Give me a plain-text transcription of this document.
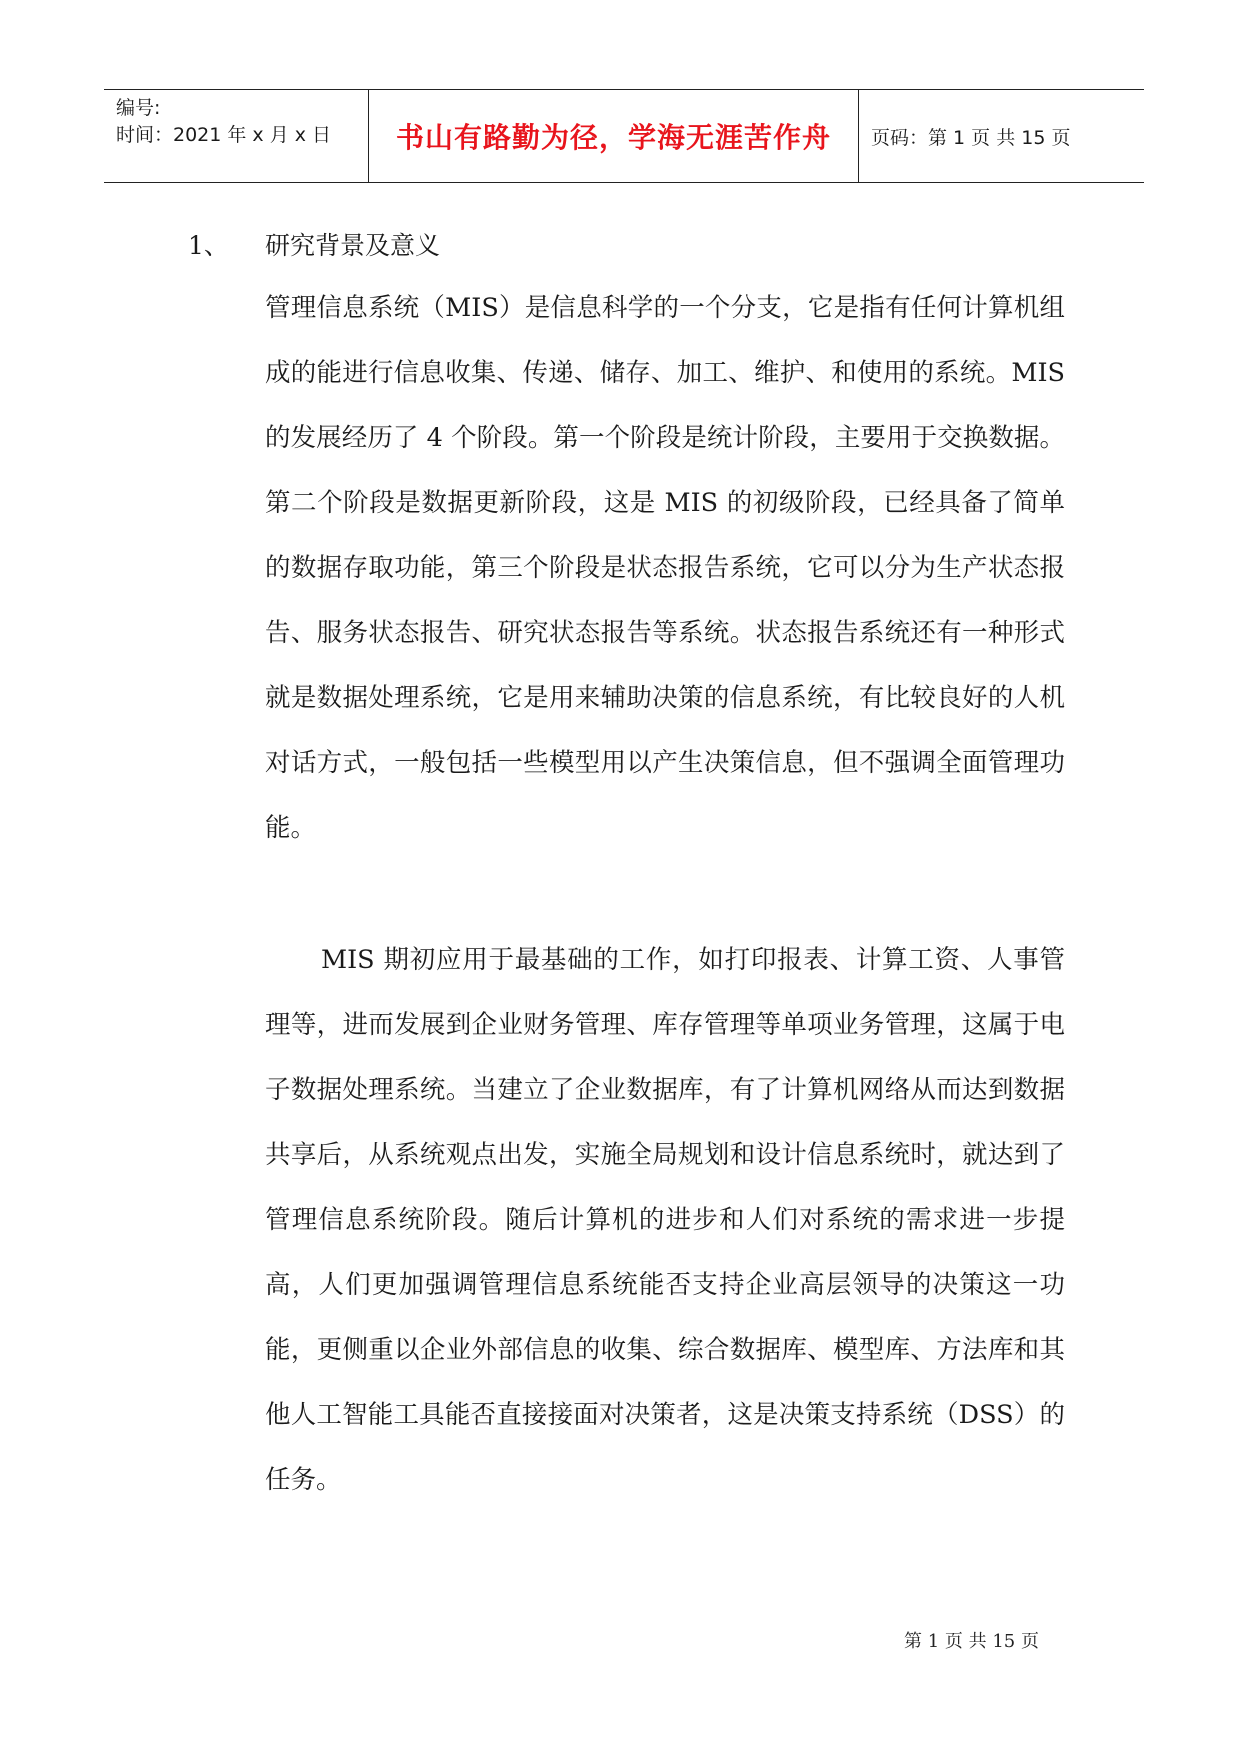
编号:
时间：2021 年 x 月 x 日 书山有路勤为径，学海无涯苦作舟 页码：第 1 页 共 15 页
1、	研究背景及意义

管理信息系统（MIS）是信息科学的一个分支，它是指有任何计算机组成的能进行信息收集、传递、储存、加工、维护、和使用的系统。MIS 的发展经历了 4 个阶段。第一个阶段是统计阶段，主要用于交换数据。第二个阶段是数据更新阶段，这是 MIS 的初级阶段，已经具备了简单的数据存取功能，第三个阶段是状态报告系统，它可以分为生产状态报告、服务状态报告、研究状态报告等系统。状态报告系统还有一种形式就是数据处理系统，它是用来辅助决策的信息系统，有比较良好的人机对话方式，一般包括一些模型用以产生决策信息，但不强调全面管理功能。

MIS 期初应用于最基础的工作，如打印报表、计算工资、人事管理等，进而发展到企业财务管理、库存管理等单项业务管理，这属于电子数据处理系统。当建立了企业数据库，有了计算机网络从而达到数据共享后，从系统观点出发，实施全局规划和设计信息系统时，就达到了管理信息系统阶段。随后计算机的进步和人们对系统的需求进一步提高，人们更加强调管理信息系统能否支持企业高层领导的决策这一功能，更侧重以企业外部信息的收集、综合数据库、模型库、方法库和其他人工智能工具能否直接接面对决策者，这是决策支持系统（DSS）的任务。

第 1 页 共 15 页
